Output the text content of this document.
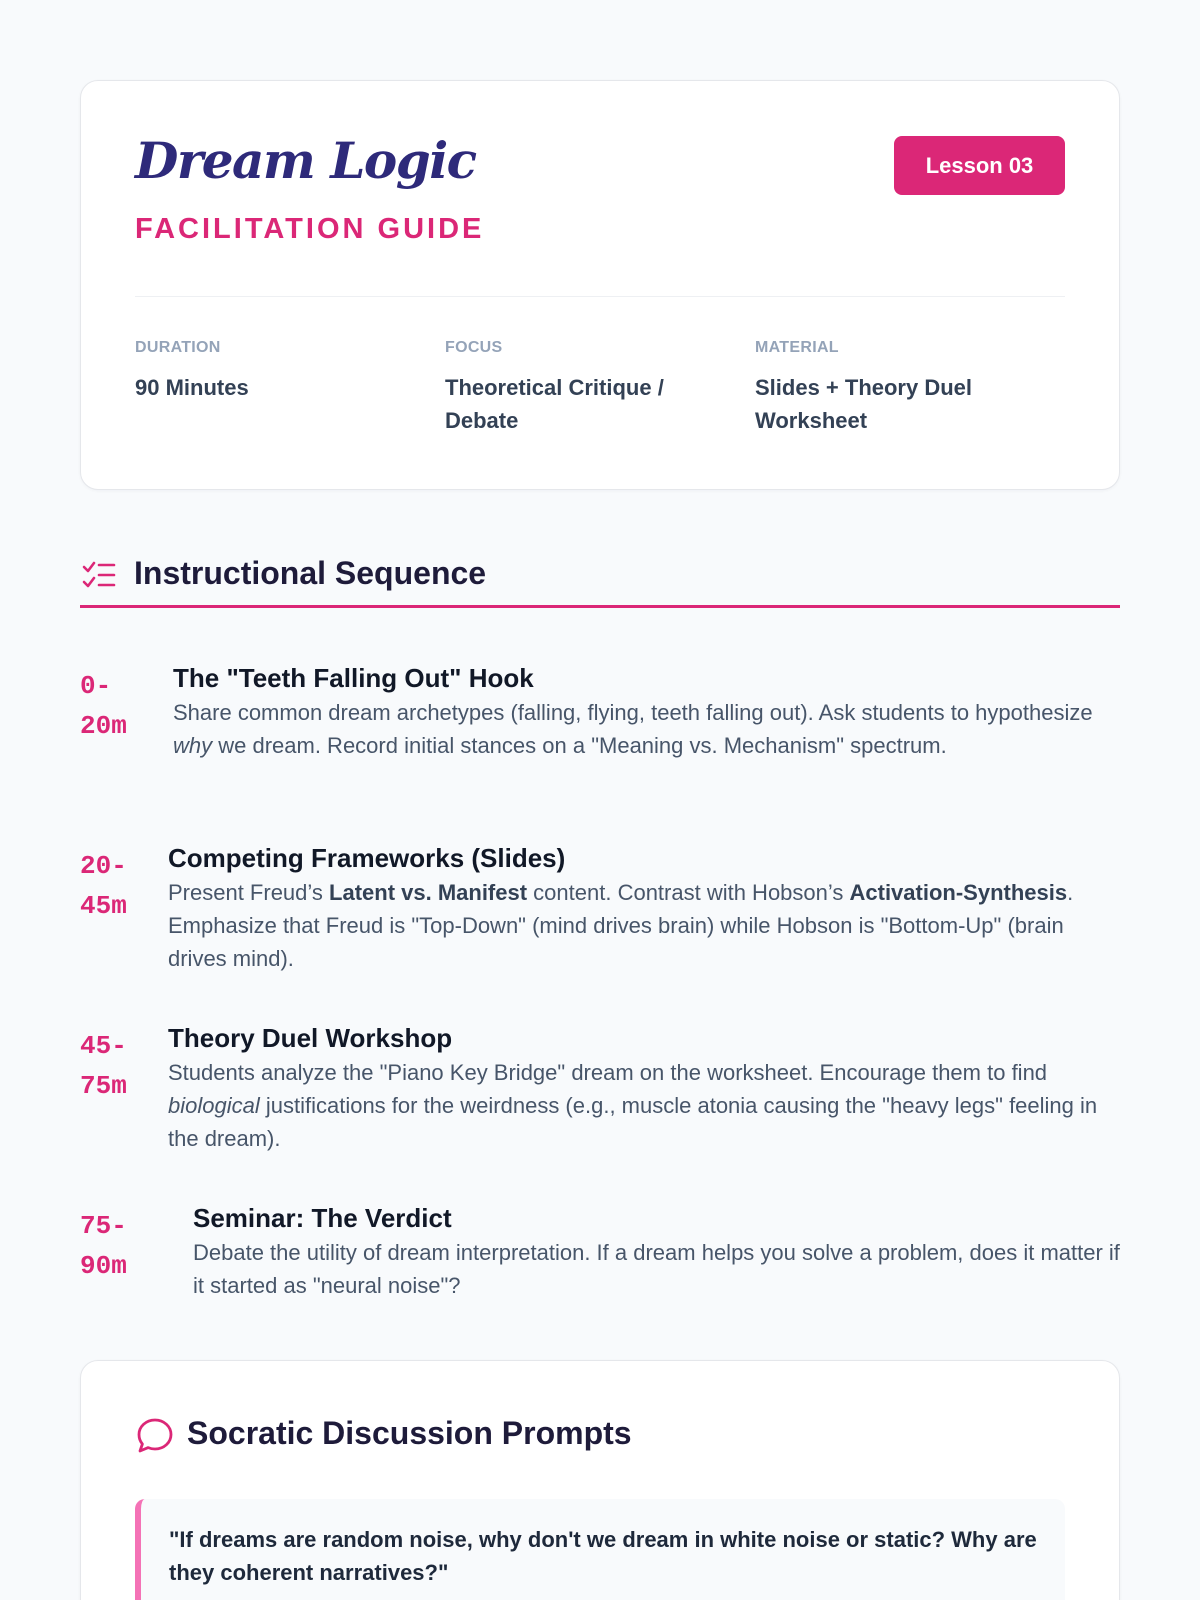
Dream Logic
FACILITATION GUIDE
Lesson 03
DURATION
90 Minutes
FOCUS
Theoretical Critique / Debate
MATERIAL
Slides + Theory Duel Worksheet
Instructional Sequence
0-
20m
The "Teeth Falling Out" Hook
Share common dream archetypes (falling, flying, teeth falling out). Ask students to hypothesize why we dream. Record initial stances on a "Meaning vs. Mechanism" spectrum.
20-
45m
Competing Frameworks (Slides)
Present Freud’s Latent vs. Manifest content. Contrast with Hobson’s Activation-Synthesis. Emphasize that Freud is "Top-Down" (mind drives brain) while Hobson is "Bottom-Up" (brain drives mind).
45-
75m
Theory Duel Workshop
Students analyze the "Piano Key Bridge" dream on the worksheet. Encourage them to find biological justifications for the weirdness (e.g., muscle atonia causing the "heavy legs" feeling in the dream).
75-
90m
Seminar: The Verdict
Debate the utility of dream interpretation. If a dream helps you solve a problem, does it matter if it started as "neural noise"?
Socratic Discussion Prompts
"If dreams are random noise, why don't we dream in white noise or static? Why are they coherent narratives?"
